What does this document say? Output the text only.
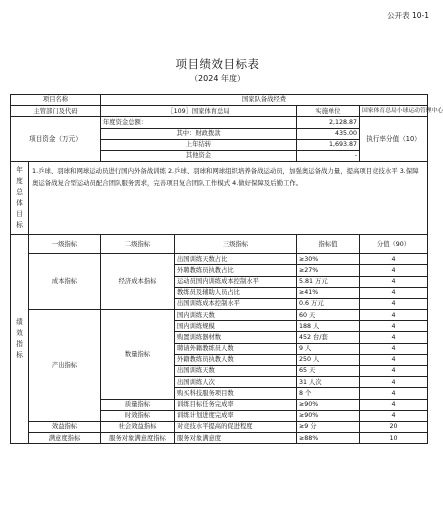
公开表 10-1
项目绩效目标表
（2024 年度）
项目名称		国家队备战经费			
主管部门及代码		［109］国家体育总局		实施单位	国家体育总局小球运动管理中心
项目资金（万元）		年度资金总额：		2,128.87	执行率分值（10）
		其中：财政拨款		435.00	
		上年结转		1,693.87	
		其他资金		-	
年度总体目标	1.乒球、羽球和网球运动员进行国内外备战训练 2.乒球、羽球和网球组织培养备战运动员，加强奥运备战力量，提高项目竞技水平 3.保障奥运备战复合型运动员配合团队服务需求，完善项目复合团队工作模式 4.做好保障及后勤工作。				
绩效指标	一级指标	二级指标	三级指标	指标值	分值（90）
	成本指标	经济成本指标	出国训练天数占比	≥30%	4
			外聘教练员执教占比	≥27%	4
			运动员国内训练成本控制水平	5.81 万元	4
			教练员及辅助人员占比	≥41%	4
			出国训练成本控制水平	0.6 万元	4
	产出指标	数量指标	国内训练天数	60 天	4
			国内训练规模	188 人	4
			购置训练器材数	452 台/套	4
			聘请外籍教练员人数	9 人	4
			外籍教练员执教人数	250 人	4
			出国训练天数	65 天	4
			出国训练人次	31 人次	4
			购买科技服务项目数	8 个	4
		质量指标	训练目标任务完成率	≥90%	4
		时效指标	训练计划进度完成率	≥90%	4
	效益指标	社会效益指标	对竞技水平提高的促进程度	≥9 分	20
	满意度指标	服务对象满意度指标	服务对象满意度	≥88%	10
